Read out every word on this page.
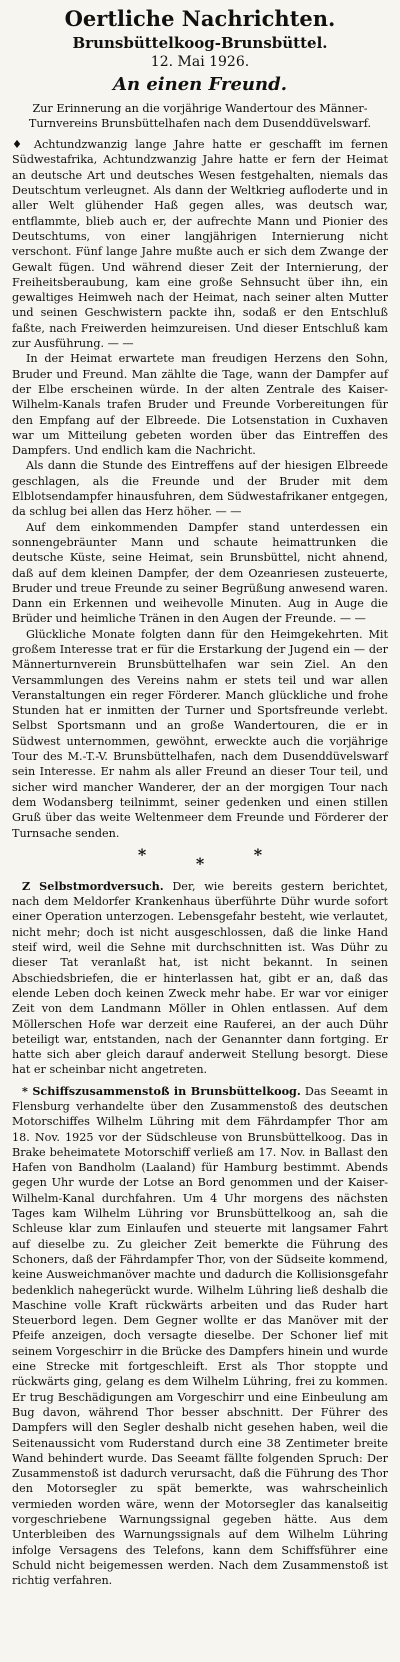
Oertliche Nachrichten.
Brunsbüttelkoog-Brunsbüttel.
12. Mai 1926.
An einen Freund.

Zur Erinnerung an die vorjährige Wandertour des Männer-Turnvereins Brunsbüttelhafen nach dem Dusenddüvelswarf.

♦ Achtundzwanzig lange Jahre hatte er geschafft im fernen Südwestafrika, Achtundzwanzig Jahre hatte er fern der Heimat an deutsche Art und deutsches Wesen festgehalten, niemals das Deutschtum verleugnet. Als dann der Weltkrieg aufloderte und in aller Welt glühender Haß gegen alles, was deutsch war, entflammte, blieb auch er, der aufrechte Mann und Pionier des Deutschtums, von einer langjährigen Internierung nicht verschont. Fünf lange Jahre mußte auch er sich dem Zwange der Gewalt fügen. Und während dieser Zeit der Internierung, der Freiheitsberaubung, kam eine große Sehnsucht über ihn, ein gewaltiges Heimweh nach der Heimat, nach seiner alten Mutter und seinen Geschwistern packte ihn, sodaß er den Entschluß faßte, nach Freiwerden heimzureisen. Und dieser Entschluß kam zur Ausführung. — —

In der Heimat erwartete man freudigen Herzens den Sohn, Bruder und Freund. Man zählte die Tage, wann der Dampfer auf der Elbe erscheinen würde. In der alten Zentrale des Kaiser-Wilhelm-Kanals trafen Bruder und Freunde Vorbereitungen für den Empfang auf der Elbreede. Die Lotsenstation in Cuxhaven war um Mitteilung gebeten worden über das Eintreffen des Dampfers. Und endlich kam die Nachricht.

Als dann die Stunde des Eintreffens auf der hiesigen Elbreede geschlagen, als die Freunde und der Bruder mit dem Elblotsendampfer hinausfuhren, dem Südwestafrikaner entgegen, da schlug bei allen das Herz höher. — —

Auf dem einkommenden Dampfer stand unterdessen ein sonnengebräunter Mann und schaute heimattrunken die deutsche Küste, seine Heimat, sein Brunsbüttel, nicht ahnend, daß auf dem kleinen Dampfer, der dem Ozeanriesen zusteuerte, Bruder und treue Freunde zu seiner Begrüßung anwesend waren. Dann ein Erkennen und weihevolle Minuten. Aug in Auge die Brüder und heimliche Tränen in den Augen der Freunde. — —

Glückliche Monate folgten dann für den Heimgekehrten. Mit großem Interesse trat er für die Erstarkung der Jugend ein — der Männerturnverein Brunsbüttelhafen war sein Ziel. An den Versammlungen des Vereins nahm er stets teil und war allen Veranstaltungen ein reger Förderer. Manch glückliche und frohe Stunden hat er inmitten der Turner und Sportsfreunde verlebt. Selbst Sportsmann und an große Wandertouren, die er in Südwest unternommen, gewöhnt, erweckte auch die vorjährige Tour des M.-T.-V. Brunsbüttelhafen, nach dem Dusenddüvelswarf sein Interesse. Er nahm als aller Freund an dieser Tour teil, und sicher wird mancher Wanderer, der an der morgigen Tour nach dem Wodansberg teilnimmt, seiner gedenken und einen stillen Gruß über das weite Weltenmeer dem Freunde und Förderer der Turnsache senden.

*	*	*

Z Selbstmordversuch. Der, wie bereits gestern berichtet, nach dem Meldorfer Krankenhaus überführte Dühr wurde sofort einer Operation unterzogen. Lebensgefahr besteht, wie verlautet, nicht mehr; doch ist nicht ausgeschlossen, daß die linke Hand steif wird, weil die Sehne mit durchschnitten ist. Was Dühr zu dieser Tat veranlaßt hat, ist nicht bekannt. In seinen Abschiedsbriefen, die er hinterlassen hat, gibt er an, daß das elende Leben doch keinen Zweck mehr habe. Er war vor einiger Zeit von dem Landmann Möller in Ohlen entlassen. Auf dem Möllerschen Hofe war derzeit eine Rauferei, an der auch Dühr beteiligt war, entstanden, nach der Genannter dann fortging. Er hatte sich aber gleich darauf anderweit Stellung besorgt. Diese hat er scheinbar nicht angetreten.

* Schiffszusammenstoß in Brunsbüttelkoog. Das Seeamt in Flensburg verhandelte über den Zusammenstoß des deutschen Motorschiffes Wilhelm Lühring mit dem Fährdampfer Thor am 18. Nov. 1925 vor der Südschleuse von Brunsbüttelkoog. Das in Brake beheimatete Motorschiff verließ am 17. Nov. in Ballast den Hafen von Bandholm (Laaland) für Hamburg bestimmt. Abends gegen Uhr wurde der Lotse an Bord genommen und der Kaiser-Wilhelm-Kanal durchfahren. Um 4 Uhr morgens des nächsten Tages kam Wilhelm Lühring vor Brunsbüttelkoog an, sah die Schleuse klar zum Einlaufen und steuerte mit langsamer Fahrt auf dieselbe zu. Zu gleicher Zeit bemerkte die Führung des Schoners, daß der Fährdampfer Thor, von der Südseite kommend, keine Ausweichmanöver machte und dadurch die Kollisionsgefahr bedenklich nahegerückt wurde. Wilhelm Lühring ließ deshalb die Maschine volle Kraft rückwärts arbeiten und das Ruder hart Steuerbord legen. Dem Gegner wollte er das Manöver mit der Pfeife anzeigen, doch versagte dieselbe. Der Schoner lief mit seinem Vorgeschirr in die Brücke des Dampfers hinein und wurde eine Strecke mit fortgeschleift. Erst als Thor stoppte und rückwärts ging, gelang es dem Wilhelm Lühring, frei zu kommen. Er trug Beschädigungen am Vorgeschirr und eine Einbeulung am Bug davon, während Thor besser abschnitt. Der Führer des Dampfers will den Segler deshalb nicht gesehen haben, weil die Seitenaussicht vom Ruderstand durch eine 38 Zentimeter breite Wand behindert wurde. Das Seeamt fällte folgenden Spruch: Der Zusammenstoß ist dadurch verursacht, daß die Führung des Thor den Motorsegler zu spät bemerkte, was wahrscheinlich vermieden worden wäre, wenn der Motorsegler das kanalseitig vorgeschriebene Warnungssignal gegeben hätte. Aus dem Unterbleiben des Warnungssignals auf dem Wilhelm Lühring infolge Versagens des Telefons, kann dem Schiffsführer eine Schuld nicht beigemessen werden. Nach dem Zusammenstoß ist richtig verfahren.
